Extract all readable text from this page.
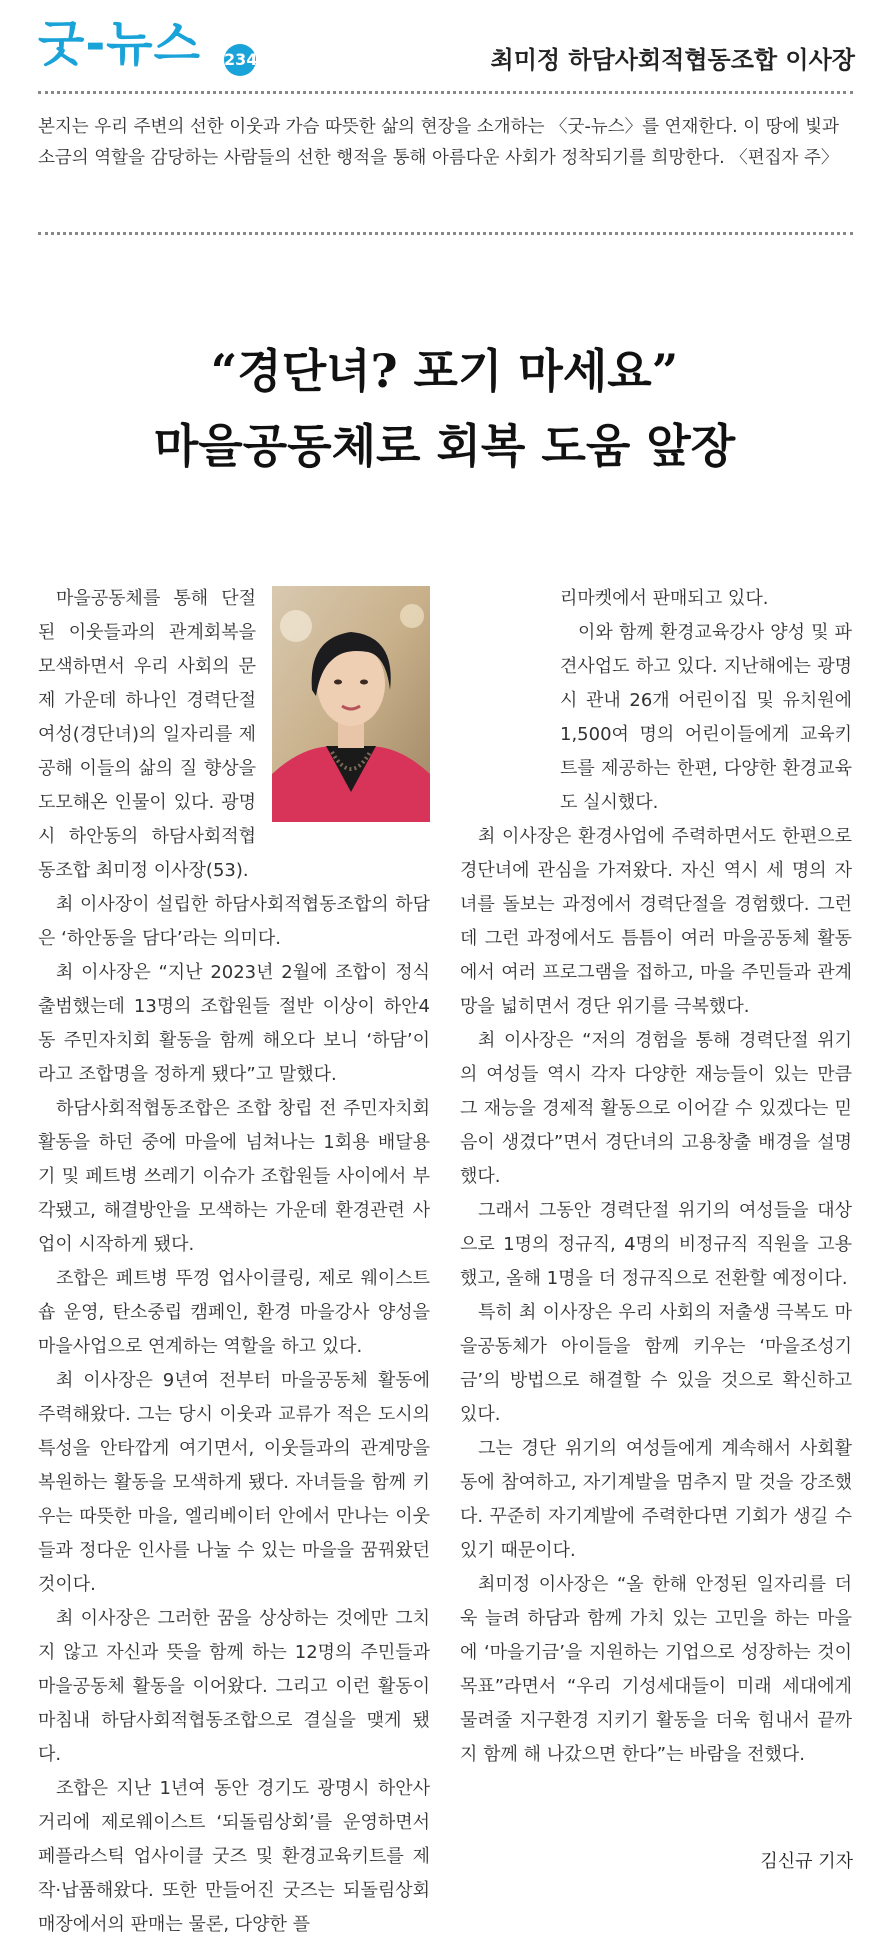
굿-뉴스 234	최미정 하담사회적협동조합 이사장
본지는 우리 주변의 선한 이웃과 가슴 따뜻한 삶의 현장을 소개하는 〈굿-뉴스〉를 연재한다. 이 땅에 빛과 소금의 역할을 감당하는 사람들의 선한 행적을 통해 아름다운 사회가 정착되기를 희망한다. 〈편집자 주〉
“경단녀? 포기 마세요”
마을공동체로 회복 도움 앞장

마을공동체를 통해 단절된 이웃들과의 관계회복을 모색하면서 우리 사회의 문제 가운데 하나인 경력단절 여성(경단녀)의 일자리를 제공해 이들의 삶의 질 향상을 도모해온 인물이 있다. 광명시 하안동의 하담사회적협동조합 최미정 이사장(53).

최 이사장이 설립한 하담사회적협동조합의 하담은 ‘하안동을 담다’라는 의미다.

최 이사장은 “지난 2023년 2월에 조합이 정식 출범했는데 13명의 조합원들 절반 이상이 하안4동 주민자치회 활동을 함께 해오다 보니 ‘하담’이라고 조합명을 정하게 됐다”고 말했다.

하담사회적협동조합은 조합 창립 전 주민자치회 활동을 하던 중에 마을에 넘쳐나는 1회용 배달용기 및 페트병 쓰레기 이슈가 조합원들 사이에서 부각됐고, 해결방안을 모색하는 가운데 환경관련 사업이 시작하게 됐다.

조합은 페트병 뚜껑 업사이클링, 제로 웨이스트 숍 운영, 탄소중립 캠페인, 환경 마을강사 양성을 마을사업으로 연계하는 역할을 하고 있다.

최 이사장은 9년여 전부터 마을공동체 활동에 주력해왔다. 그는 당시 이웃과 교류가 적은 도시의 특성을 안타깝게 여기면서, 이웃들과의 관계망을 복원하는 활동을 모색하게 됐다. 자녀들을 함께 키우는 따뜻한 마을, 엘리베이터 안에서 만나는 이웃들과 정다운 인사를 나눌 수 있는 마을을 꿈꿔왔던 것이다.

최 이사장은 그러한 꿈을 상상하는 것에만 그치지 않고 자신과 뜻을 함께 하는 12명의 주민들과 마을공동체 활동을 이어왔다. 그리고 이런 활동이 마침내 하담사회적협동조합으로 결실을 맺게 됐다.

조합은 지난 1년여 동안 경기도 광명시 하안사거리에 제로웨이스트 ‘되돌림상회’를 운영하면서 페플라스틱 업사이클 굿즈 및 환경교육키트를 제작·납품해왔다. 또한 만들어진 굿즈는 되돌림상회 매장에서의 판매는 물론, 다양한 플

리마켓에서 판매되고 있다.

이와 함께 환경교육강사 양성 및 파견사업도 하고 있다. 지난해에는 광명시 관내 26개 어린이집 및 유치원에 1,500여 명의 어린이들에게 교육키트를 제공하는 한편, 다양한 환경교육도 실시했다.

최 이사장은 환경사업에 주력하면서도 한편으로 경단녀에 관심을 가져왔다. 자신 역시 세 명의 자녀를 돌보는 과정에서 경력단절을 경험했다. 그런데 그런 과정에서도 틈틈이 여러 마을공동체 활동에서 여러 프로그램을 접하고, 마을 주민들과 관계망을 넓히면서 경단 위기를 극복했다.

최 이사장은 “저의 경험을 통해 경력단절 위기의 여성들 역시 각자 다양한 재능들이 있는 만큼 그 재능을 경제적 활동으로 이어갈 수 있겠다는 믿음이 생겼다”면서 경단녀의 고용창출 배경을 설명했다.

그래서 그동안 경력단절 위기의 여성들을 대상으로 1명의 정규직, 4명의 비정규직 직원을 고용했고, 올해 1명을 더 정규직으로 전환할 예정이다.

특히 최 이사장은 우리 사회의 저출생 극복도 마을공동체가 아이들을 함께 키우는 ‘마을조성기금’의 방법으로 해결할 수 있을 것으로 확신하고 있다.

그는 경단 위기의 여성들에게 계속해서 사회활동에 참여하고, 자기계발을 멈추지 말 것을 강조했다. 꾸준히 자기계발에 주력한다면 기회가 생길 수 있기 때문이다.

최미정 이사장은 “올 한해 안정된 일자리를 더욱 늘려 하담과 함께 가치 있는 고민을 하는 마을에 ‘마을기금’을 지원하는 기업으로 성장하는 것이 목표”라면서 “우리 기성세대들이 미래 세대에게 물려줄 지구환경 지키기 활동을 더욱 힘내서 끝까지 함께 해 나갔으면 한다”는 바람을 전했다.

김신규 기자
